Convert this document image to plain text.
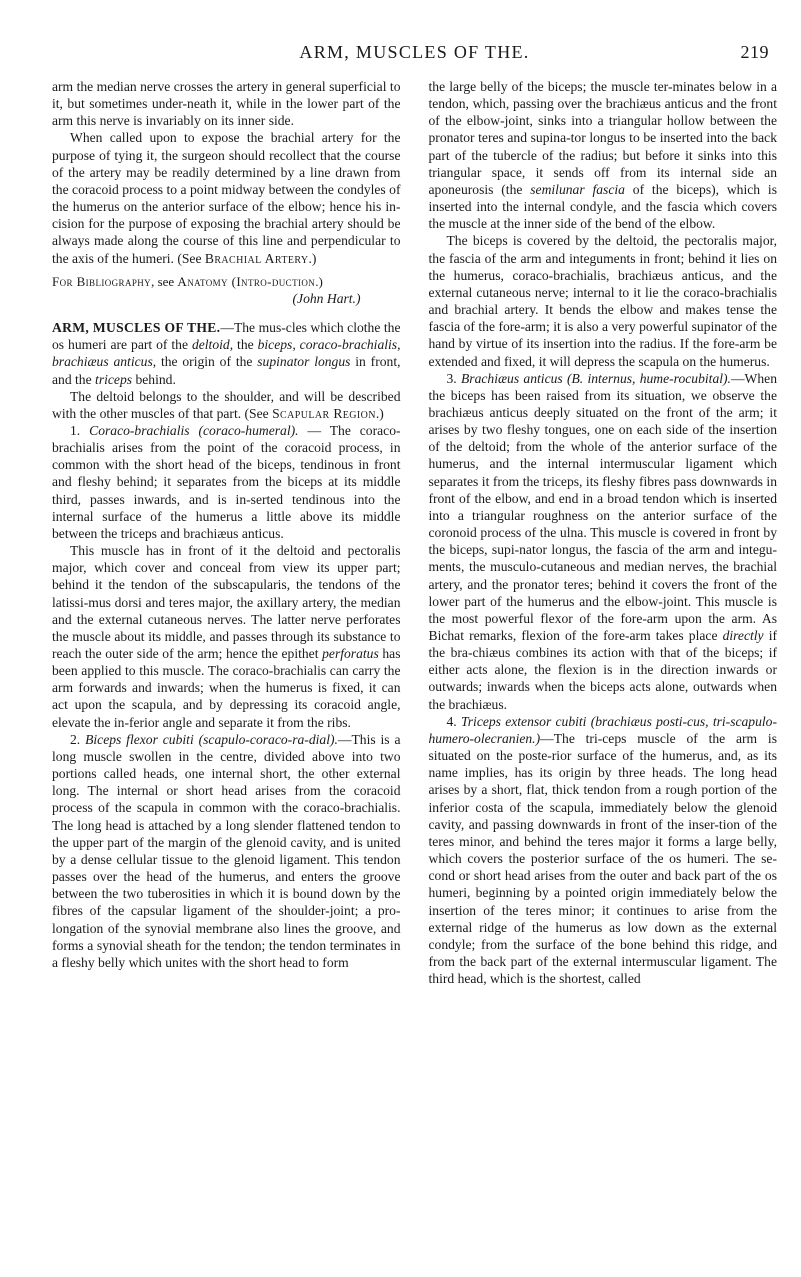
ARM, MUSCLES OF THE.	219

arm the median nerve crosses the artery in general superficial to it, but sometimes under-neath it, while in the lower part of the arm this nerve is invariably on its inner side.

When called upon to expose the brachial artery for the purpose of tying it, the surgeon should recollect that the course of the artery may be readily determined by a line drawn from the coracoid process to a point midway between the condyles of the humerus on the anterior surface of the elbow; hence his in-cision for the purpose of exposing the brachial artery should be always made along the course of this line and perpendicular to the axis of the humeri. (See Brachial Artery.)

For Bibliography, see Anatomy (Intro-duction.)

(John Hart.)

ARM, MUSCLES OF THE.—The mus-cles which clothe the os humeri are part of the deltoid, the biceps, coraco-brachialis, brachiæus anticus, the origin of the supinator longus in front, and the triceps behind.

The deltoid belongs to the shoulder, and will be described with the other muscles of that part. (See Scapular Region.)

1. Coraco-brachialis (coraco-humeral). — The coraco-brachialis arises from the point of the coracoid process, in common with the short head of the biceps, tendinous in front and fleshy behind; it separates from the biceps at its middle third, passes inwards, and is in-serted tendinous into the internal surface of the humerus a little above its middle between the triceps and brachiæus anticus.

This muscle has in front of it the deltoid and pectoralis major, which cover and conceal from view its upper part; behind it the tendon of the subscapularis, the tendons of the latissi-mus dorsi and teres major, the axillary artery, the median and the external cutaneous nerves. The latter nerve perforates the muscle about its middle, and passes through its substance to reach the outer side of the arm; hence the epithet perforatus has been applied to this muscle. The coraco-brachialis can carry the arm forwards and inwards; when the humerus is fixed, it can act upon the scapula, and by depressing its coracoid angle, elevate the in-ferior angle and separate it from the ribs.

2. Biceps flexor cubiti (scapulo-coraco-ra-dial).—This is a long muscle swollen in the centre, divided above into two portions called heads, one internal short, the other external long. The internal or short head arises from the coracoid process of the scapula in common with the coraco-brachialis. The long head is attached by a long slender flattened tendon to the upper part of the margin of the glenoid cavity, and is united by a dense cellular tissue to the glenoid ligament. This tendon passes over the head of the humerus, and enters the groove between the two tuberosities in which it is bound down by the fibres of the capsular ligament of the shoulder-joint; a pro-longation of the synovial membrane also lines the groove, and forms a synovial sheath for the tendon; the tendon terminates in a fleshy belly which unites with the short head to form

the large belly of the biceps; the muscle ter-minates below in a tendon, which, passing over the brachiæus anticus and the front of the elbow-joint, sinks into a triangular hollow between the pronator teres and supina-tor longus to be inserted into the back part of the tubercle of the radius; but before it sinks into this triangular space, it sends off from its internal side an aponeurosis (the semilunar fascia of the biceps), which is inserted into the internal condyle, and the fascia which covers the muscle at the inner side of the bend of the elbow.

The biceps is covered by the deltoid, the pectoralis major, the fascia of the arm and integuments in front; behind it lies on the humerus, coraco-brachialis, brachiæus anticus, and the external cutaneous nerve; internal to it lie the coraco-brachialis and brachial artery. It bends the elbow and makes tense the fascia of the fore-arm; it is also a very powerful supinator of the hand by virtue of its insertion into the radius. If the fore-arm be extended and fixed, it will depress the scapula on the humerus.

3. Brachiæus anticus (B. internus, hume-rocubital).—When the biceps has been raised from its situation, we observe the brachiæus anticus deeply situated on the front of the arm; it arises by two fleshy tongues, one on each side of the insertion of the deltoid; from the whole of the anterior surface of the humerus, and the internal intermuscular ligament which separates it from the triceps, its fleshy fibres pass downwards in front of the elbow, and end in a broad tendon which is inserted into a triangular roughness on the anterior surface of the coronoid process of the ulna. This muscle is covered in front by the biceps, supi-nator longus, the fascia of the arm and integu-ments, the musculo-cutaneous and median nerves, the brachial artery, and the pronator teres; behind it covers the front of the lower part of the humerus and the elbow-joint. This muscle is the most powerful flexor of the fore-arm upon the arm. As Bichat remarks, flexion of the fore-arm takes place directly if the bra-chiæus combines its action with that of the biceps; if either acts alone, the flexion is in the direction inwards or outwards; inwards when the biceps acts alone, outwards when the brachiæus.

4. Triceps extensor cubiti (brachiæus posti-cus, tri-scapulo-humero-olecranien.)—The tri-ceps muscle of the arm is situated on the poste-rior surface of the humerus, and, as its name implies, has its origin by three heads. The long head arises by a short, flat, thick tendon from a rough portion of the inferior costa of the scapula, immediately below the glenoid cavity, and passing downwards in front of the inser-tion of the teres minor, and behind the teres major it forms a large belly, which covers the posterior surface of the os humeri. The se-cond or short head arises from the outer and back part of the os humeri, beginning by a pointed origin immediately below the insertion of the teres minor; it continues to arise from the external ridge of the humerus as low down as the external condyle; from the surface of the bone behind this ridge, and from the back part of the external intermuscular ligament. The third head, which is the shortest, called
